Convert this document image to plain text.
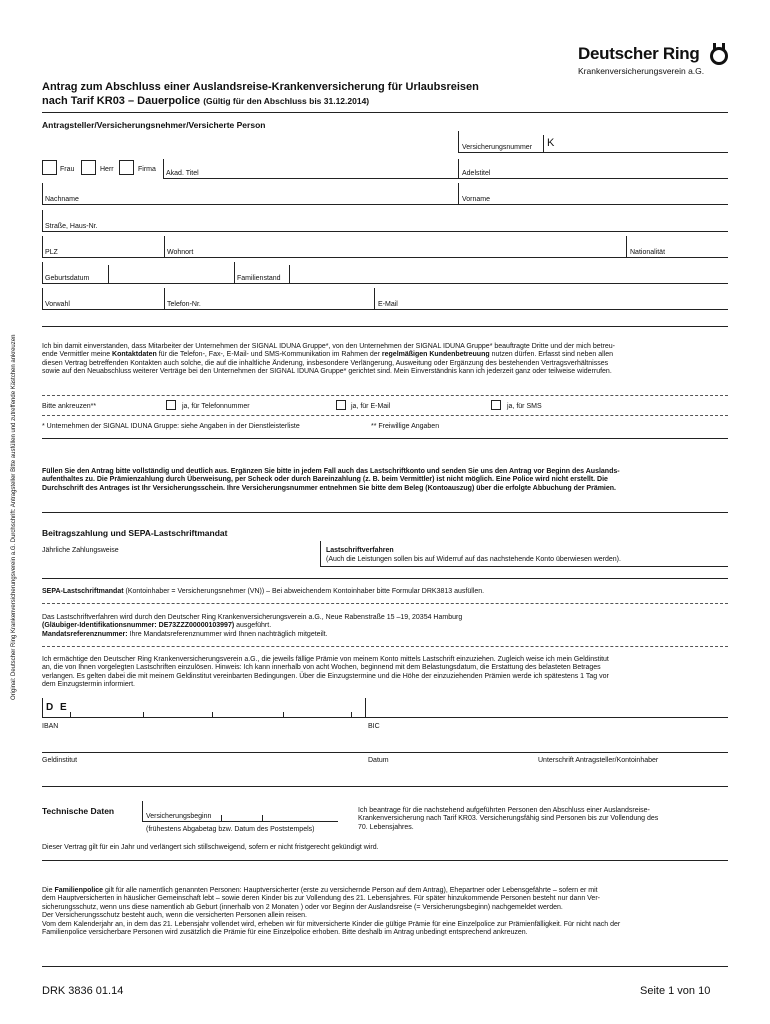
Original: Deutscher Ring Krankenversicherungsverein a.G. Durchschrift: Antragsteller Bitte ausfüllen und zutreffende Kästchen ankreuzen
Deutscher Ring
Krankenversicherungsverein a.G.
Antrag zum Abschluss einer Auslandsreise-Krankenversicherung für Urlaubsreisen
nach Tarif KR03 – Dauerpolice (Gültig für den Abschluss bis 31.12.2014)
Antragsteller/Versicherungsnehmer/Versicherte Person
Versicherungsnummer K
Frau	Herr	Firma
Akad. Titel	Adelstitel
Nachname	Vorname
Straße, Haus-Nr.
PLZ	Wohnort	Nationalität
Geburtsdatum	Familienstand
Vorwahl	Telefon-Nr.	E-Mail
Ich bin damit einverstanden, dass Mitarbeiter der Unternehmen der SIGNAL IDUNA Gruppe*, von den Unternehmen der SIGNAL IDUNA Gruppe* beauftragte Dritte und der mich betreu-
ende Vermittler meine Kontaktdaten für die Telefon-, Fax-, E-Mail- und SMS-Kommunikation im Rahmen der regelmäßigen Kundenbetreuung nutzen dürfen. Erfasst sind neben allen
diesen Vertrag betreffenden Kontakten auch solche, die auf die inhaltliche Änderung, insbesondere Verlängerung, Ausweitung oder Ergänzung des bestehenden Vertragsverhältnisses
sowie auf den Neuabschluss weiterer Verträge bei den Unternehmen der SIGNAL IDUNA Gruppe* gerichtet sind. Mein Einverständnis kann ich jederzeit ganz oder teilweise widerrufen.
Bitte ankreuzen**	ja, für Telefonnummer	ja, für E-Mail	ja, für SMS
* Unternehmen der SIGNAL IDUNA Gruppe: siehe Angaben in der Dienstleisterliste	** Freiwillige Angaben
Füllen Sie den Antrag bitte vollständig und deutlich aus. Ergänzen Sie bitte in jedem Fall auch das Lastschriftkonto und senden Sie uns den Antrag vor Beginn des Auslands-
aufenthaltes zu. Die Prämienzahlung durch Überweisung, per Scheck oder durch Bareinzahlung (z. B. beim Vermittler) ist nicht möglich. Eine Police wird nicht erstellt. Die
Durchschrift des Antrages ist Ihr Versicherungsschein. Ihre Versicherungsnummer entnehmen Sie bitte dem Beleg (Kontoauszug) über die erfolgte Abbuchung der Prämien.
Beitragszahlung und SEPA-Lastschriftmandat
Jährliche Zahlungsweise	Lastschriftverfahren
(Auch die Leistungen sollen bis auf Widerruf auf das nachstehende Konto überwiesen werden).
SEPA-Lastschriftmandat (Kontoinhaber = Versicherungsnehmer (VN)) – Bei abweichendem Kontoinhaber bitte Formular DRK3813 ausfüllen.
Das Lastschriftverfahren wird durch den Deutscher Ring Krankenversicherungsverein a.G., Neue Rabenstraße 15 –19, 20354 Hamburg
(Gläubiger-Identifikationsnummer: DE73ZZZ00000103997) ausgeführt.
Mandatsreferenznummer: Ihre Mandatsreferenznummer wird Ihnen nachträglich mitgeteilt.
Ich ermächtige den Deutscher Ring Krankenversicherungsverein a.G., die jeweils fällige Prämie von meinem Konto mittels Lastschrift einzuziehen. Zugleich weise ich mein Geldinstitut
an, die von Ihnen vorgelegten Lastschriften einzulösen. Hinweis: Ich kann innerhalb von acht Wochen, beginnend mit dem Belastungsdatum, die Erstattung des belasteten Betrages
verlangen. Es gelten dabei die mit meinem Geldinstitut vereinbarten Bedingungen. Über die Einzugstermine und die Höhe der einzuziehenden Prämien werde ich spätestens 1 Tag vor
dem Einzugstermin informiert.
D E
IBAN	BIC
Geldinstitut	Datum	Unterschrift Antragsteller/Kontoinhaber
Technische Daten
Versicherungsbeginn
(frühestens Abgabetag bzw. Datum des Poststempels)
Ich beantrage für die nachstehend aufgeführten Personen den Abschluss einer Auslandsreise-
Krankenversicherung nach Tarif KR03. Versicherungsfähig sind Personen bis zur Vollendung des
70. Lebensjahres.
Dieser Vertrag gilt für ein Jahr und verlängert sich stillschweigend, sofern er nicht fristgerecht gekündigt wird.
Die Familienpolice gilt für alle namentlich genannten Personen: Hauptversicherter (erste zu versichernde Person auf dem Antrag), Ehepartner oder Lebensgefährte – sofern er mit
dem Hauptversicherten in häuslicher Gemeinschaft lebt – sowie deren Kinder bis zur Vollendung des 21. Lebensjahres. Für später hinzukommende Personen besteht nur dann Ver-
sicherungsschutz, wenn uns diese namentlich ab Geburt (innerhalb von 2 Monaten ) oder vor Beginn der Auslandsreise (= Versicherungsbeginn) nachgemeldet werden.
Der Versicherungsschutz besteht auch, wenn die versicherten Personen allein reisen.
Vom dem Kalenderjahr an, in dem das 21. Lebensjahr vollendet wird, erheben wir für mitversicherte Kinder die gültige Prämie für eine Einzelpolice zur Prämienfälligkeit. Für nicht nach der
Familienpolice versicherbare Personen wird zusätzlich die Prämie für eine Einzelpolice erhoben. Bitte deshalb im Antrag unbedingt entsprechend ankreuzen.
DRK 3836 01.14	Seite 1 von 10
